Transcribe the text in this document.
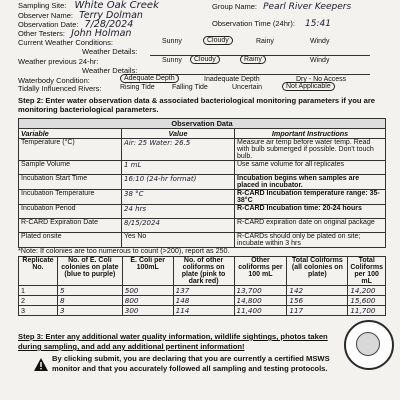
Sampling Site: White Oak Creek	Group Name: Pearl River Keepers
Observer Name: Terry Dolman
Observation Date: 7/28/2024	Observation Time (24hr): 15:41
Other Testers: John Holman
Current Weather Conditions:	Sunny	Cloudy	Rainy	Windy
Weather Details:
Weather previous 24-hr:	Sunny	Cloudy	Rainy	Windy
Weather Details:
Waterbody Condition:	Adequate Depth	Inadequate Depth	Dry - No Access
Tidally Influenced Rivers:	Rising Tide Falling Tide	Uncertain	Not Applicable
Step 2: Enter water observation data & associated bacteriological monitoring parameters if you are monitoring bacteriological parameters.
Observation Data		
Variable	Value	Important Instructions
Temperature (°C)	Air: 25 Water: 26.5	Measure air temp before water temp. Read with bulb submerged if possible. Don't touch bulb.
Sample Volume	1 mL	Use same volume for all replicates
Incubation Start Time	16:10 (24-hr format)	Incubation begins when samples are placed in incubator.
Incubation Temperature	38 °C	R-CARD Incubation temperature range: 35-38°C
Incubation Period	24 hrs	R-CARD Incubation time: 20-24 hours
R-CARD Expiration Date	8/15/2024	R-CARD expiration date on original package
Plated onsite	Yes No	R-CARDs should only be plated on site; incubate within 3 hrs
*Note: If colonies are too numerous to count (>200), report as 250.
Replicate No.	No. of E. Coli colonies on plate (blue to purple)	E. Coli per 100mL	No. of other coliforms on plate (pink to dark red)	Other coliforms per 100 mL	Total Coliforms (all colonies on plate)	Total Coliforms per 100 mL
1	5	500	137	13,700	142	14,200
2	8	800	148	14,800	156	15,600
3	3	300	114	11,400	117	11,700
Step 3: Enter any additional water quality information, wildlife sightings, photos taken during sampling, and add any additional pertinent information!
By clicking submit, you are declaring that you are currently a certified MSWS monitor and that you accurately followed all sampling and testing protocols.
